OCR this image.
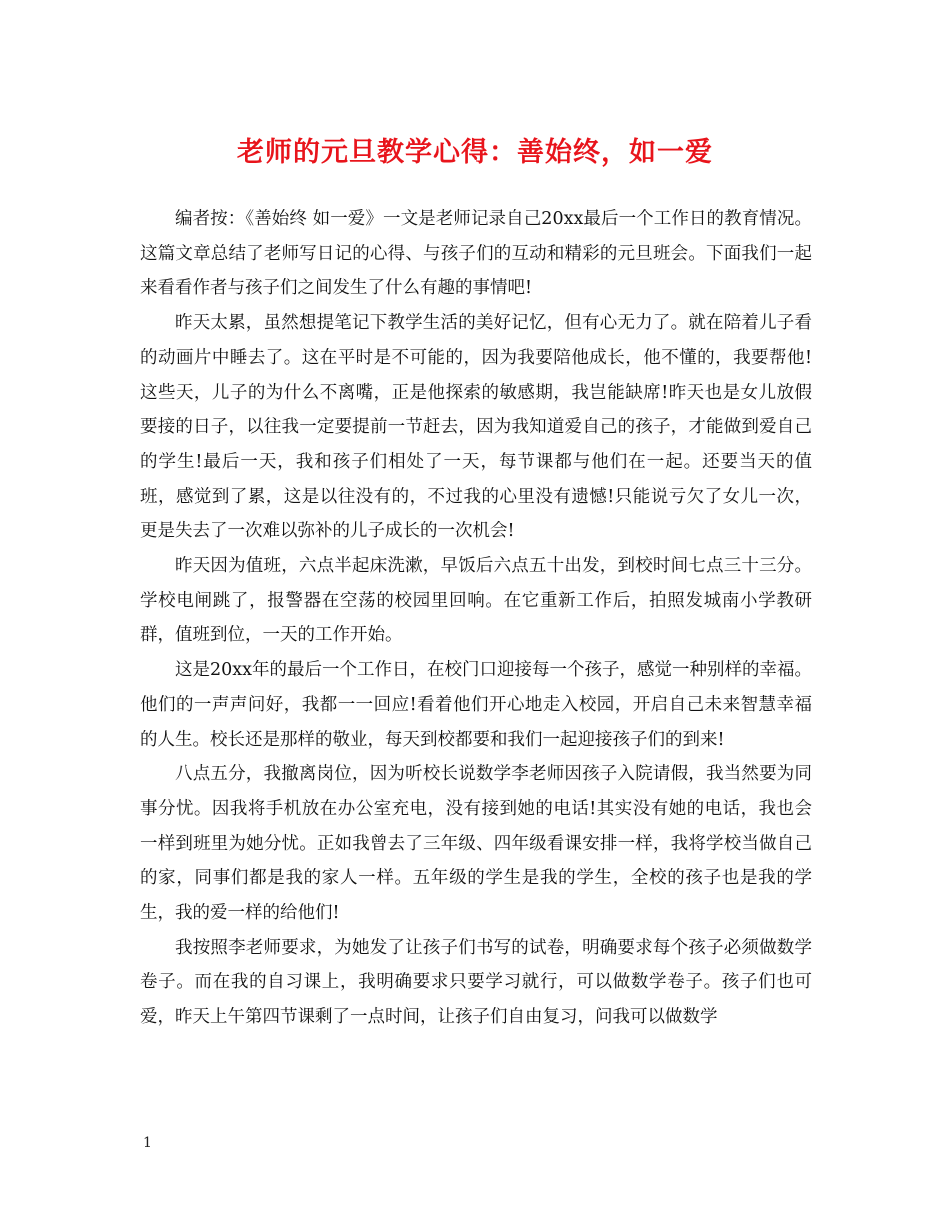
老师的元旦教学心得：善始终，如一爱

编者按：《善始终 如一爱》一文是老师记录自己20xx最后一个工作日的教育情况。这篇文章总结了老师写日记的心得、与孩子们的互动和精彩的元旦班会。下面我们一起来看看作者与孩子们之间发生了什么有趣的事情吧!

昨天太累，虽然想提笔记下教学生活的美好记忆，但有心无力了。就在陪着儿子看的动画片中睡去了。这在平时是不可能的，因为我要陪他成长，他不懂的，我要帮他!这些天，儿子的为什么不离嘴，正是他探索的敏感期，我岂能缺席!昨天也是女儿放假要接的日子，以往我一定要提前一节赶去，因为我知道爱自己的孩子，才能做到爱自己的学生!最后一天，我和孩子们相处了一天，每节课都与他们在一起。还要当天的值班，感觉到了累，这是以往没有的，不过我的心里没有遗憾!只能说亏欠了女儿一次，更是失去了一次难以弥补的儿子成长的一次机会!

昨天因为值班，六点半起床洗漱，早饭后六点五十出发，到校时间七点三十三分。学校电闸跳了，报警器在空荡的校园里回响。在它重新工作后，拍照发城南小学教研群，值班到位，一天的工作开始。

这是20xx年的最后一个工作日，在校门口迎接每一个孩子，感觉一种别样的幸福。他们的一声声问好，我都一一回应!看着他们开心地走入校园，开启自己未来智慧幸福的人生。校长还是那样的敬业，每天到校都要和我们一起迎接孩子们的到来!

八点五分，我撤离岗位，因为听校长说数学李老师因孩子入院请假，我当然要为同事分忧。因我将手机放在办公室充电，没有接到她的电话!其实没有她的电话，我也会一样到班里为她分忧。正如我曾去了三年级、四年级看课安排一样，我将学校当做自己的家，同事们都是我的家人一样。五年级的学生是我的学生，全校的孩子也是我的学生，我的爱一样的给他们!

我按照李老师要求，为她发了让孩子们书写的试卷，明确要求每个孩子必须做数学卷子。而在我的自习课上，我明确要求只要学习就行，可以做数学卷子。孩子们也可爱，昨天上午第四节课剩了一点时间，让孩子们自由复习，问我可以做数学

1
